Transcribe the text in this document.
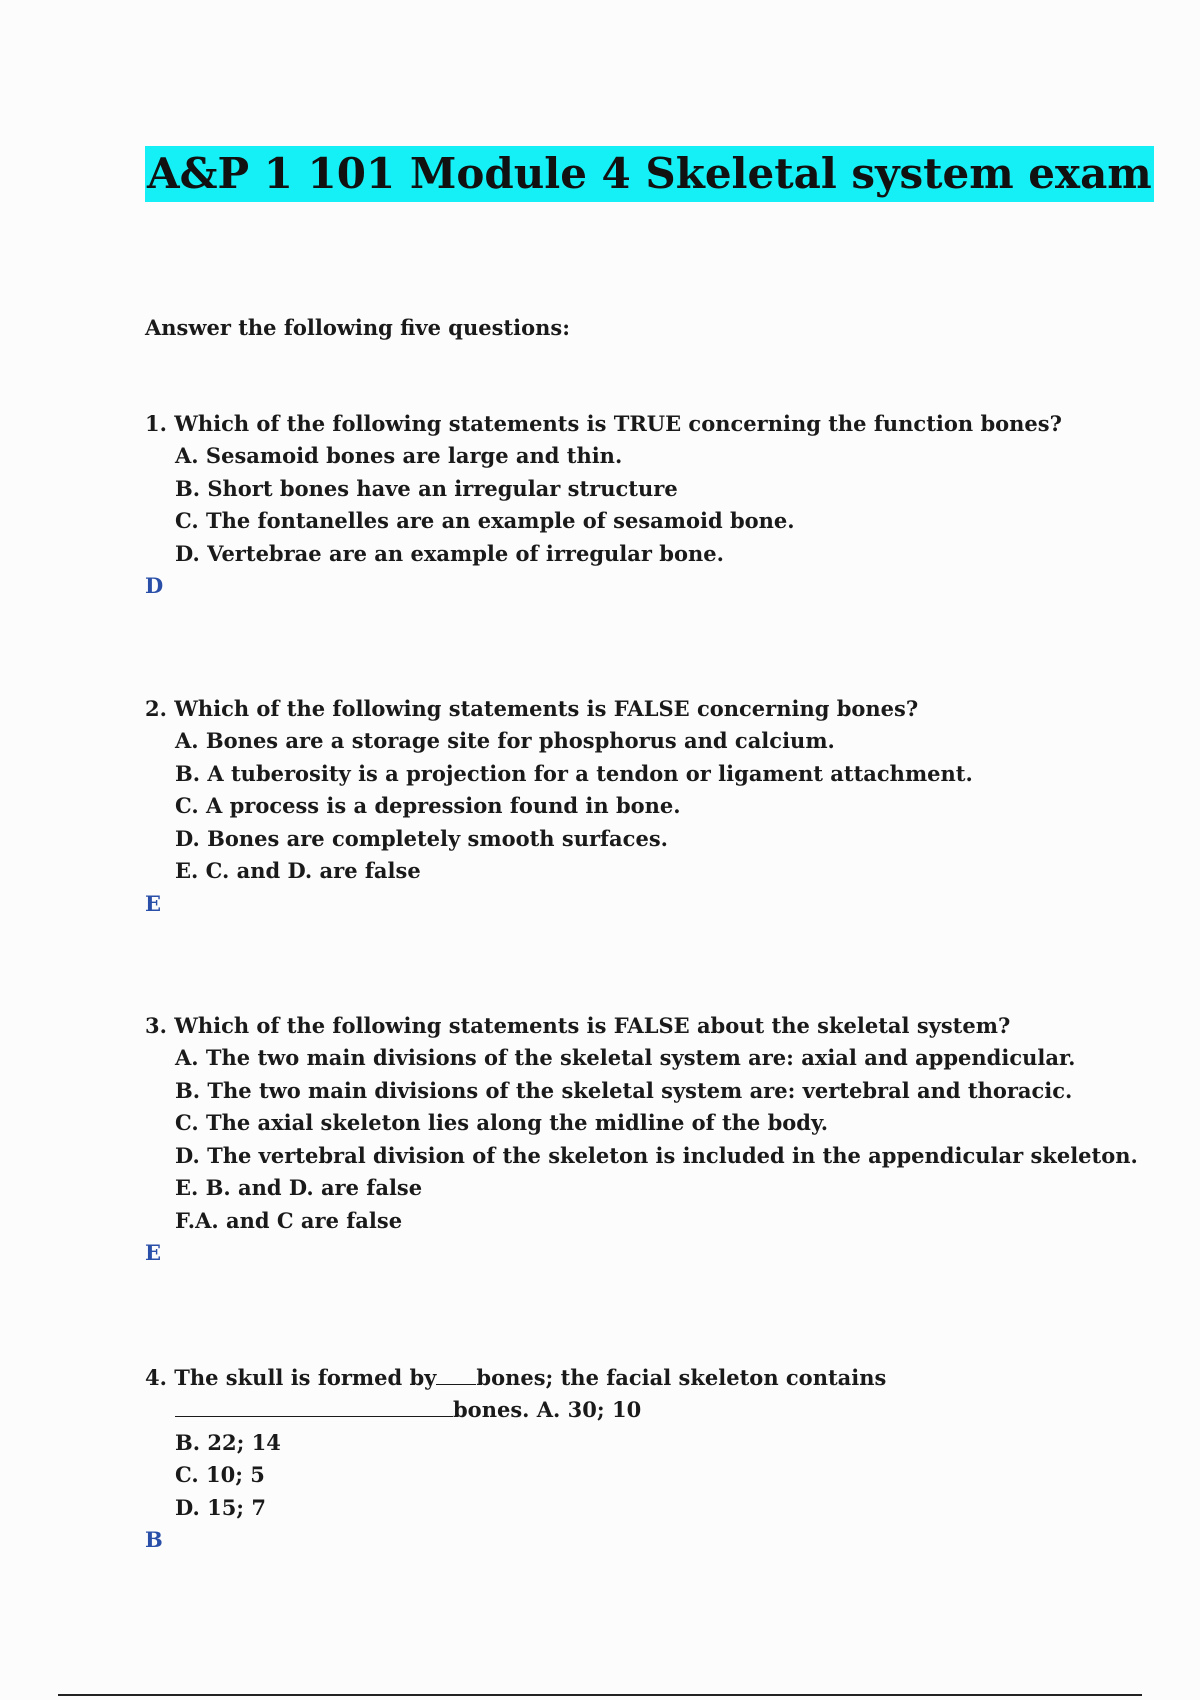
A&P 1 101 Module 4 Skeletal system exam
Answer the following five questions:
1. Which of the following statements is TRUE concerning the function bones?
A. Sesamoid bones are large and thin.
B. Short bones have an irregular structure
C. The fontanelles are an example of sesamoid bone.
D. Vertebrae are an example of irregular bone.
D
2. Which of the following statements is FALSE concerning bones?
A. Bones are a storage site for phosphorus and calcium.
B. A tuberosity is a projection for a tendon or ligament attachment.
C. A process is a depression found in bone.
D. Bones are completely smooth surfaces.
E. C. and D. are false
E
3. Which of the following statements is FALSE about the skeletal system?
A. The two main divisions of the skeletal system are: axial and appendicular.
B. The two main divisions of the skeletal system are: vertebral and thoracic.
C. The axial skeleton lies along the midline of the body.
D. The vertebral division of the skeleton is included in the appendicular skeleton.
E. B. and D. are false
F.A. and C are false
E
4. The skull is formed by bones; the facial skeleton contains
bones. A. 30; 10
B. 22; 14
C. 10; 5
D. 15; 7
B
